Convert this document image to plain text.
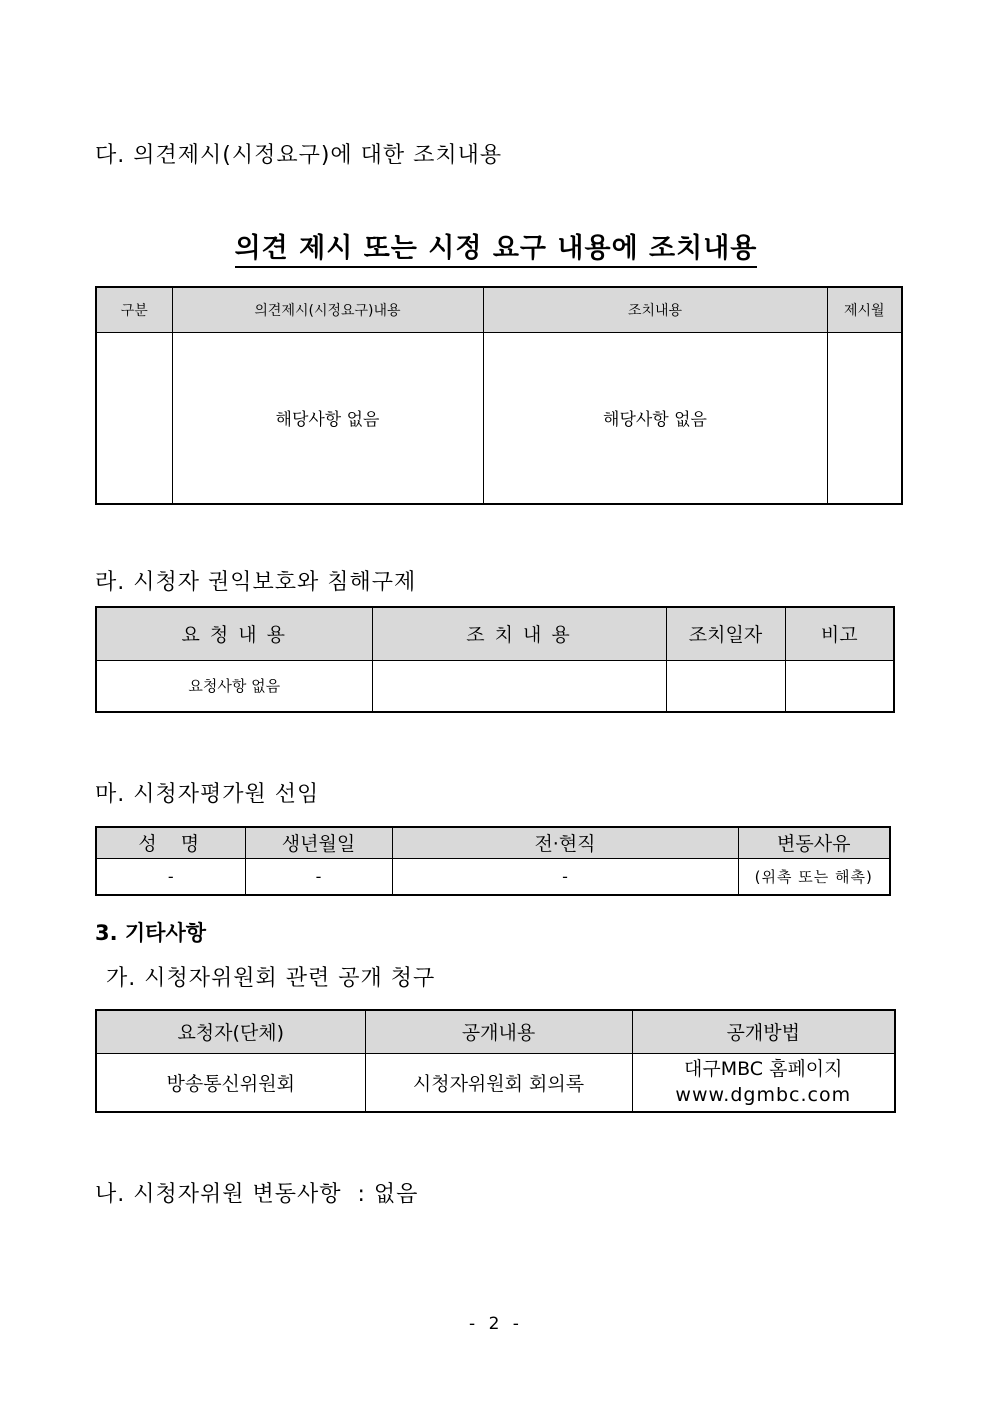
다. 의견제시(시정요구)에 대한 조치내용
의견 제시 또는 시정 요구 내용에 조치내용
구분	의견제시(시정요구)내용	조치내용	제시월
	해당사항 없음	해당사항 없음	
라. 시청자 권익보호와 침해구제
요 청 내 용	조 치 내 용	조치일자	비고
요청사항 없음			
마. 시청자평가원 선임
성  명	생년월일	전·현직	변동사유
-	-	-	(위촉 또는 해촉)
3. 기타사항
가. 시청자위원회 관련 공개 청구
요청자(단체)	공개내용	공개방법
방송통신위원회	시청자위원회 회의록	대구MBC 홈페이지
www.dgmbc.com
나. 시청자위원 변동사항  : 없음
- 2 -
